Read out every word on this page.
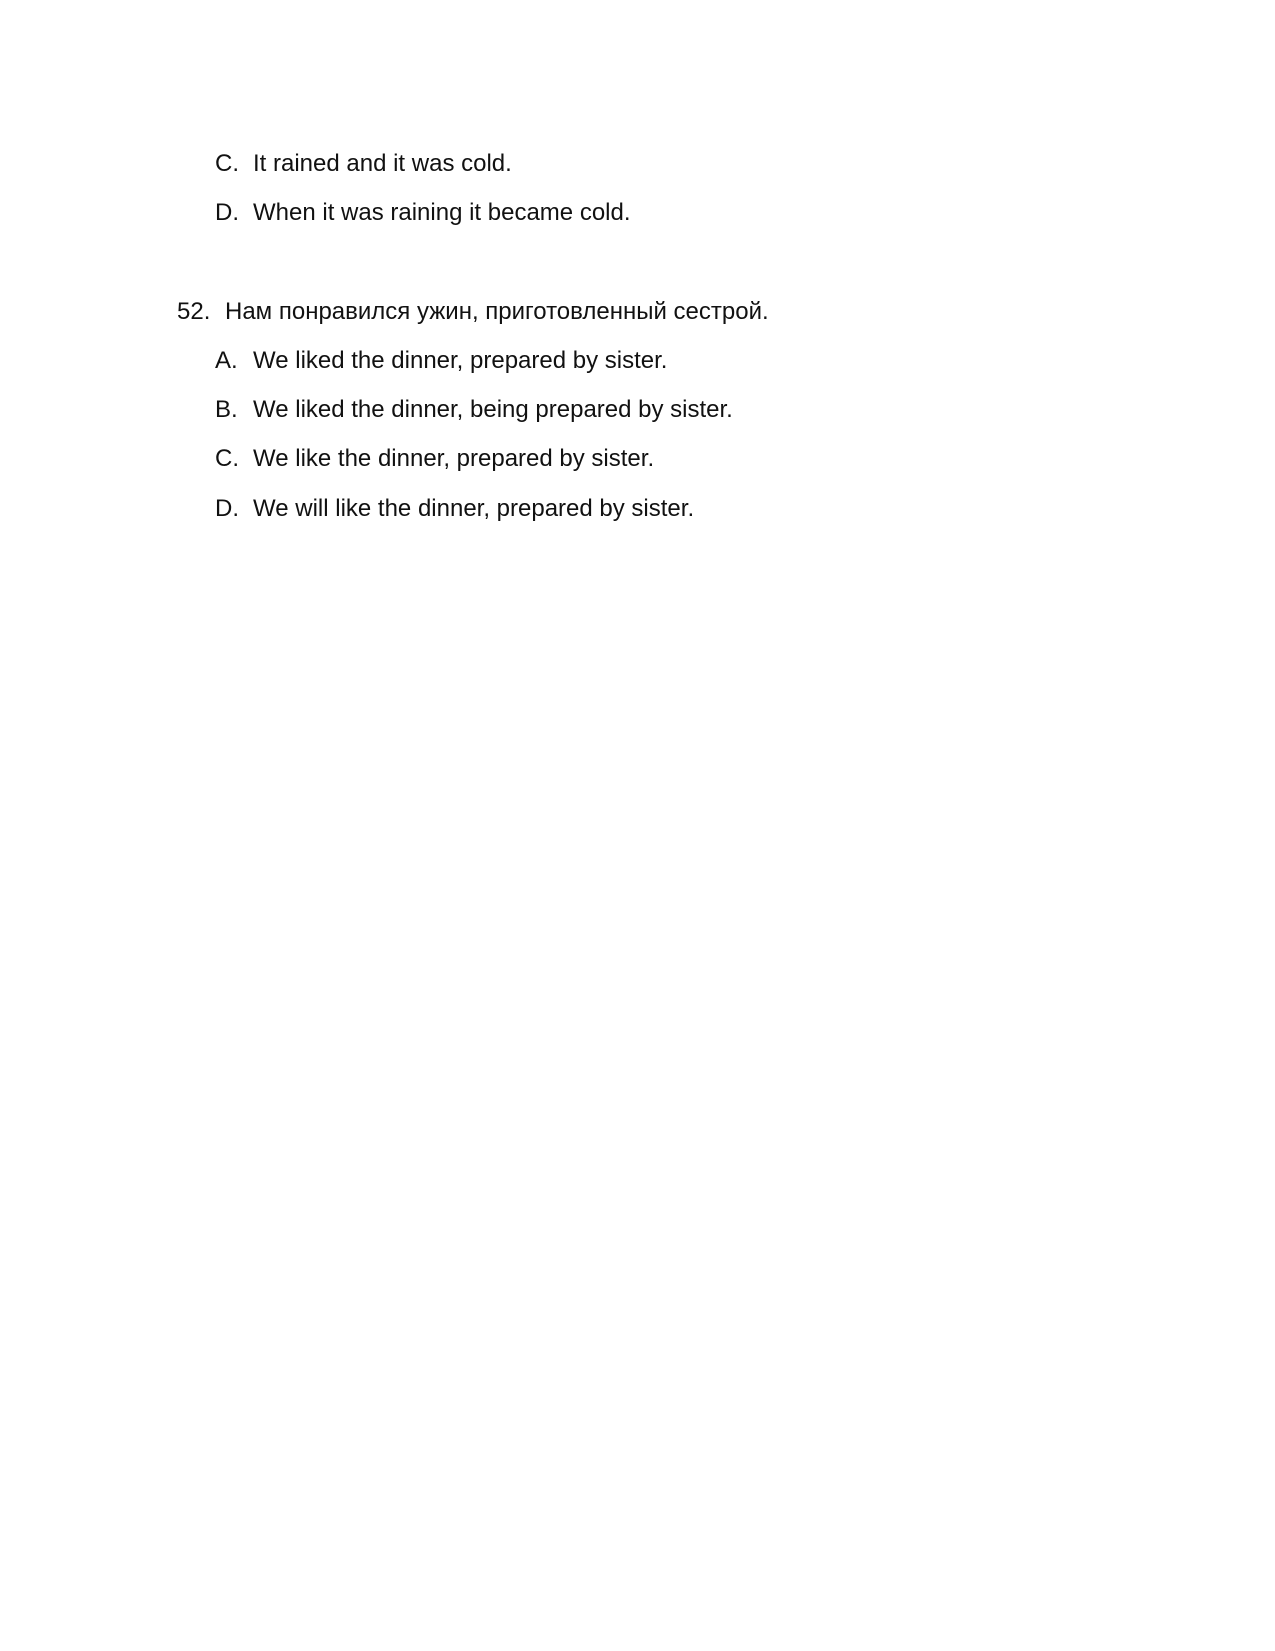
C. It rained and it was cold.
D. When it was raining it became cold.
52. Нам понравился ужин, приготовленный сестрой.
A. We liked the dinner, prepared by sister.
B. We liked the dinner, being prepared by sister.
C. We like the dinner, prepared by sister.
D. We will like the dinner, prepared by sister.
